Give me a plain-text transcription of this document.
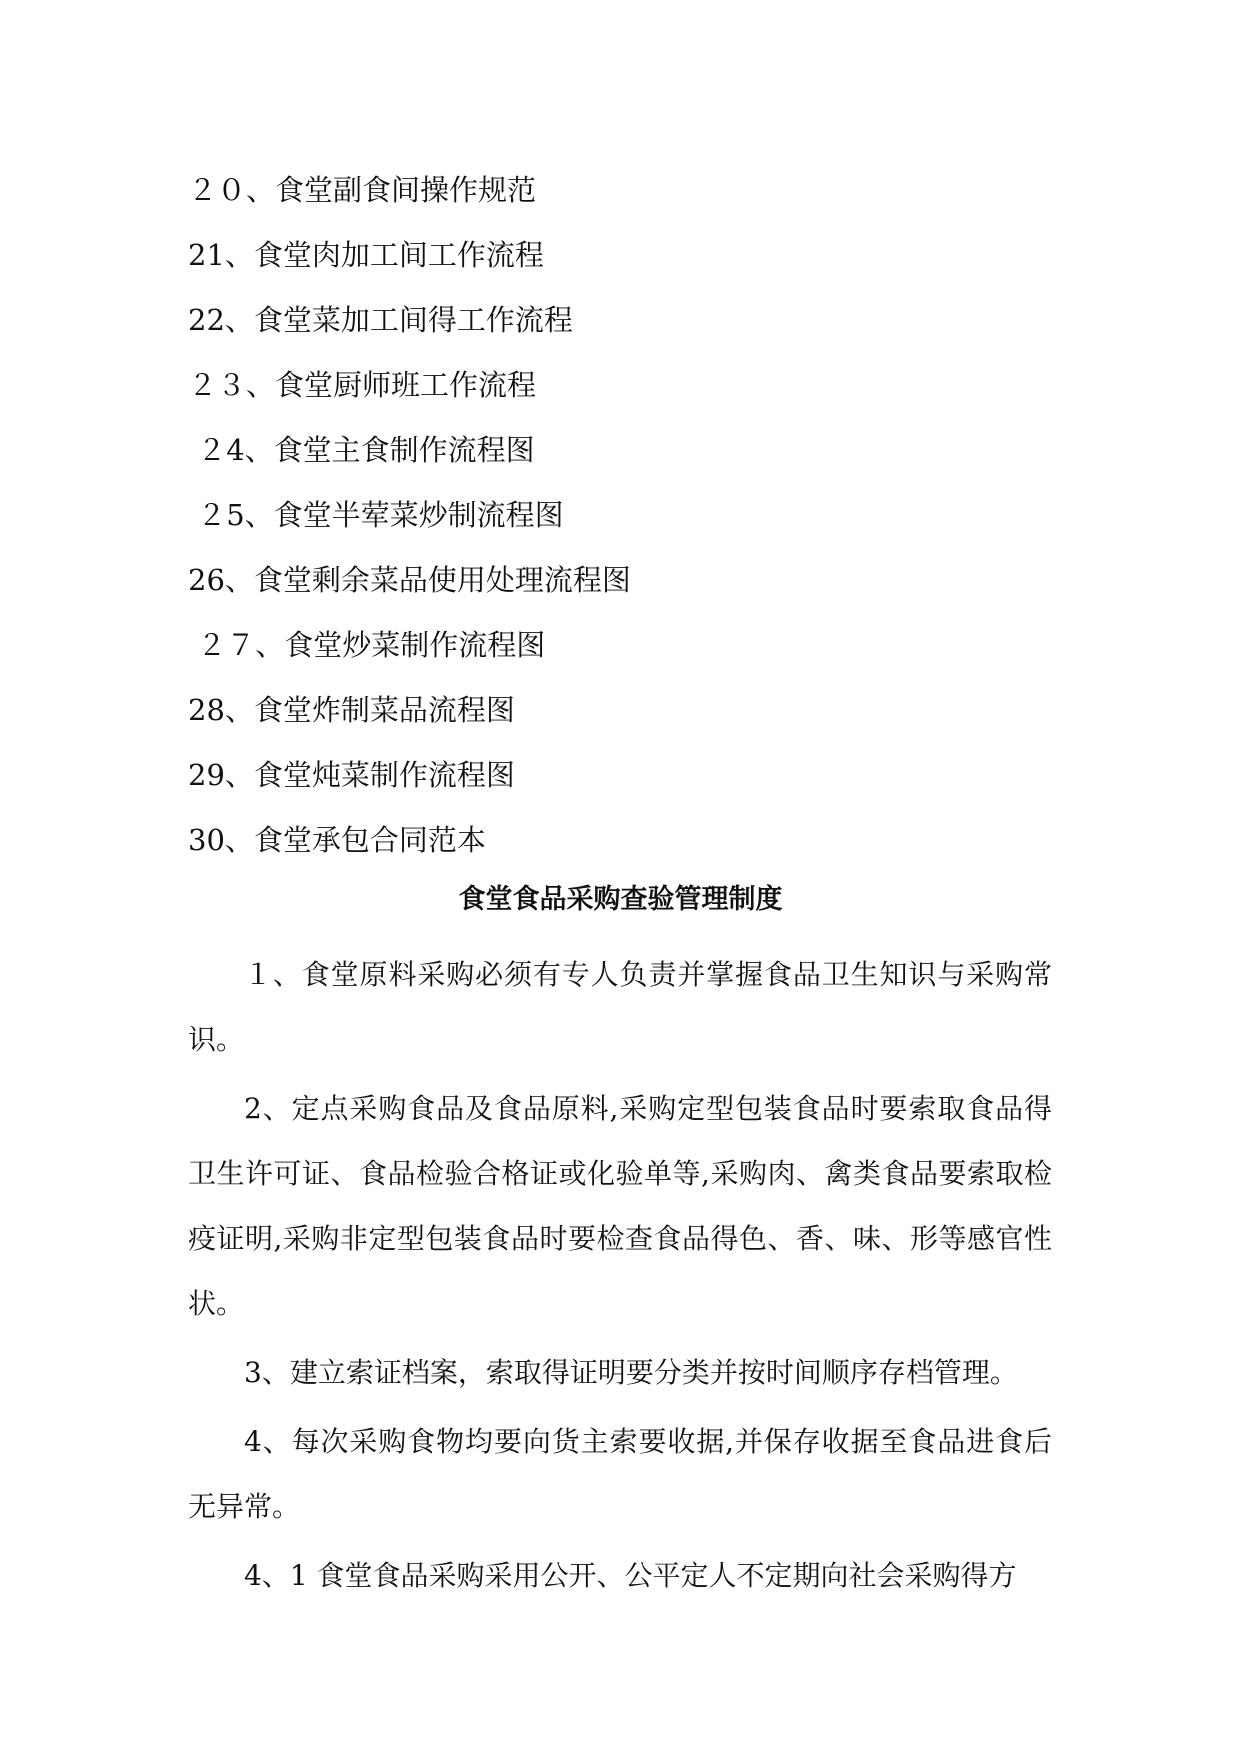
２０、食堂副食间操作规范
21、食堂肉加工间工作流程
22、食堂菜加工间得工作流程
２３、食堂厨师班工作流程
２4、食堂主食制作流程图
２5、食堂半荤菜炒制流程图
26、食堂剩余菜品使用处理流程图
２７、食堂炒菜制作流程图
28、食堂炸制菜品流程图
29、食堂炖菜制作流程图
30、食堂承包合同范本
食堂食品采购查验管理制度

１、食堂原料采购必须有专人负责并掌握食品卫生知识与采购常识。

2、定点采购食品及食品原料,采购定型包装食品时要索取食品得卫生许可证、食品检验合格证或化验单等,采购肉、禽类食品要索取检疫证明,采购非定型包装食品时要检查食品得色、香、味、形等感官性状。

3、建立索证档案，索取得证明要分类并按时间顺序存档管理。

4、每次采购食物均要向货主索要收据,并保存收据至食品进食后无异常。

4、1 食堂食品采购采用公开、公平定人不定期向社会采购得方
